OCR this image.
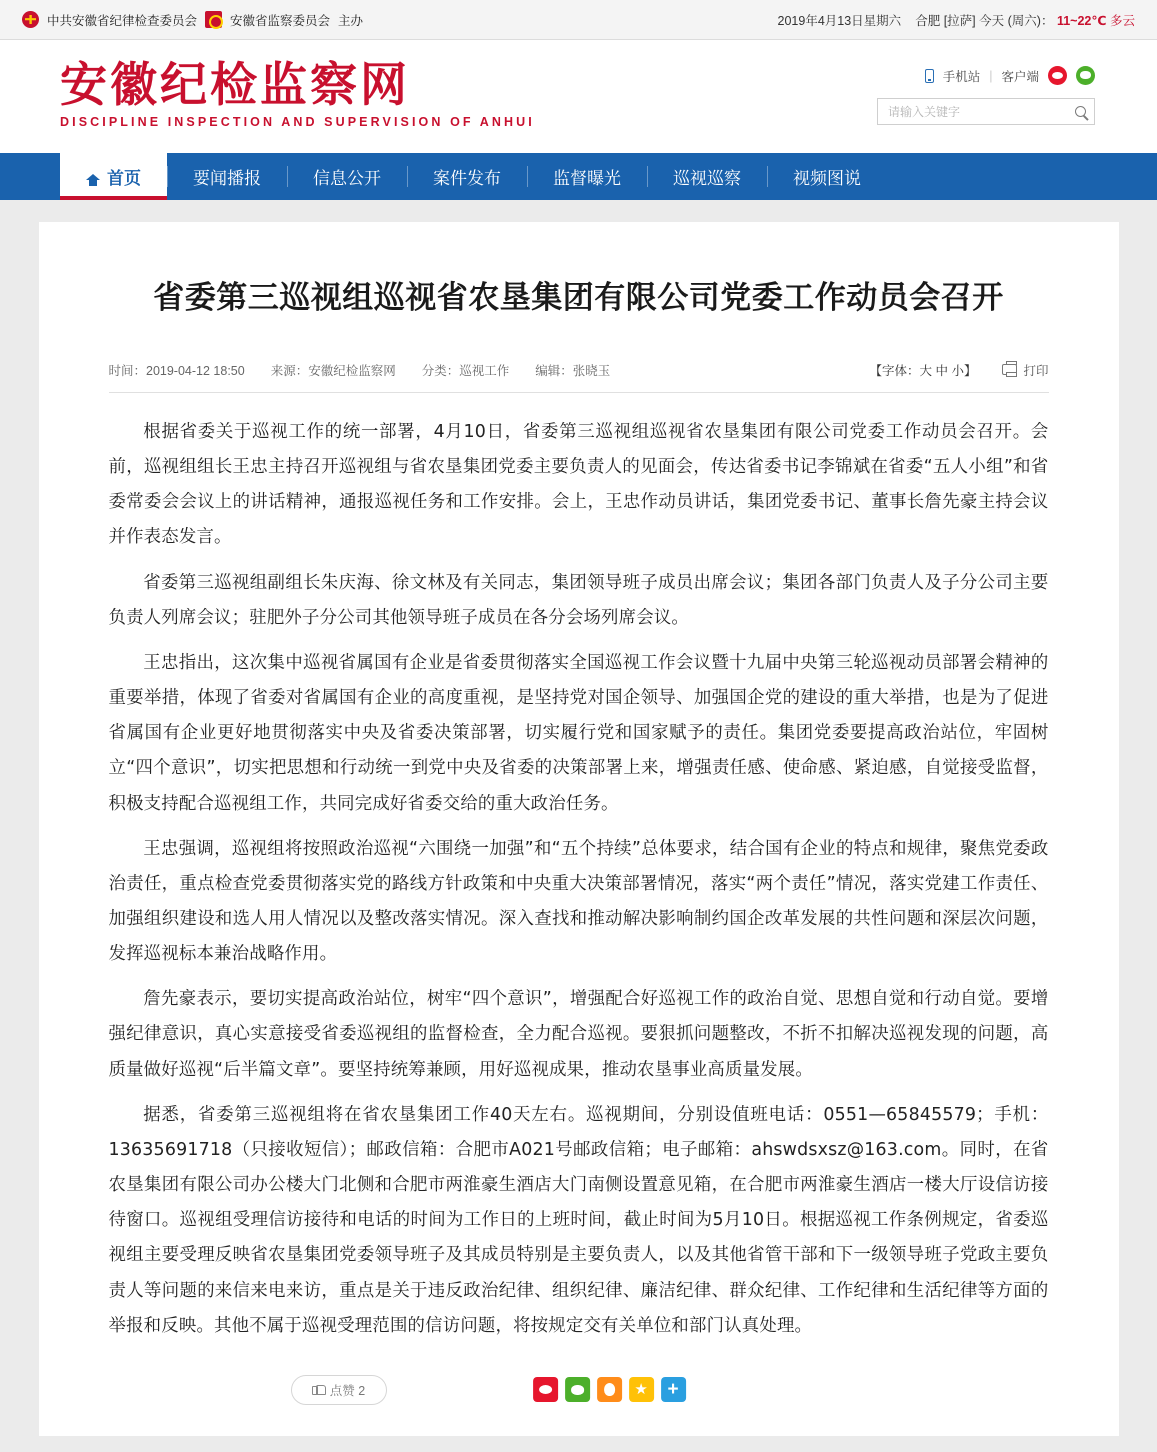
中共安徽省纪律检查委员会	安徽省监察委员会 主办	2019年4月13日星期六 合肥 [拉萨] 今天 (周六)： 11~22℃ 多云
安徽纪检监察网
DISCIPLINE INSPECTION AND SUPERVISION OF ANHUI
手机站 | 客户端
请输入关键字
首页	要闻播报	信息公开	案件发布	监督曝光	巡视巡察	视频图说
省委第三巡视组巡视省农垦集团有限公司党委工作动员会召开
时间：2019-04-12 18:50 来源：安徽纪检监察网 分类：巡视工作 编辑：张晓玉	【字体：大 中 小】	打印

根据省委关于巡视工作的统一部署，4月10日，省委第三巡视组巡视省农垦集团有限公司党委工作动员会召开。会前，巡视组组长王忠主持召开巡视组与省农垦集团党委主要负责人的见面会，传达省委书记李锦斌在省委“五人小组”和省委常委会会议上的讲话精神，通报巡视任务和工作安排。会上，王忠作动员讲话，集团党委书记、董事长詹先豪主持会议并作表态发言。

省委第三巡视组副组长朱庆海、徐文林及有关同志，集团领导班子成员出席会议；集团各部门负责人及子分公司主要负责人列席会议；驻肥外子分公司其他领导班子成员在各分会场列席会议。

王忠指出，这次集中巡视省属国有企业是省委贯彻落实全国巡视工作会议暨十九届中央第三轮巡视动员部署会精神的重要举措，体现了省委对省属国有企业的高度重视，是坚持党对国企领导、加强国企党的建设的重大举措，也是为了促进省属国有企业更好地贯彻落实中央及省委决策部署，切实履行党和国家赋予的责任。集团党委要提高政治站位，牢固树立“四个意识”，切实把思想和行动统一到党中央及省委的决策部署上来，增强责任感、使命感、紧迫感，自觉接受监督，积极支持配合巡视组工作，共同完成好省委交给的重大政治任务。

王忠强调，巡视组将按照政治巡视“六围绕一加强”和“五个持续”总体要求，结合国有企业的特点和规律，聚焦党委政治责任，重点检查党委贯彻落实党的路线方针政策和中央重大决策部署情况，落实“两个责任”情况，落实党建工作责任、加强组织建设和选人用人情况以及整改落实情况。深入查找和推动解决影响制约国企改革发展的共性问题和深层次问题，发挥巡视标本兼治战略作用。

詹先豪表示，要切实提高政治站位，树牢“四个意识”，增强配合好巡视工作的政治自觉、思想自觉和行动自觉。要增强纪律意识，真心实意接受省委巡视组的监督检查，全力配合巡视。要狠抓问题整改，不折不扣解决巡视发现的问题，高质量做好巡视“后半篇文章”。要坚持统筹兼顾，用好巡视成果，推动农垦事业高质量发展。

据悉，省委第三巡视组将在省农垦集团工作40天左右。巡视期间，分别设值班电话：0551—65845579；手机：13635691718（只接收短信）；邮政信箱：合肥市A021号邮政信箱；电子邮箱：ahswdsxsz@163.com。同时，在省农垦集团有限公司办公楼大门北侧和合肥市两淮豪生酒店大门南侧设置意见箱，在合肥市两淮豪生酒店一楼大厅设信访接待窗口。巡视组受理信访接待和电话的时间为工作日的上班时间，截止时间为5月10日。根据巡视工作条例规定，省委巡视组主要受理反映省农垦集团党委领导班子及其成员特别是主要负责人，以及其他省管干部和下一级领导班子党政主要负责人等问题的来信来电来访，重点是关于违反政治纪律、组织纪律、廉洁纪律、群众纪律、工作纪律和生活纪律等方面的举报和反映。其他不属于巡视受理范围的信访问题，将按规定交有关单位和部门认真处理。

点赞 2
★
+
